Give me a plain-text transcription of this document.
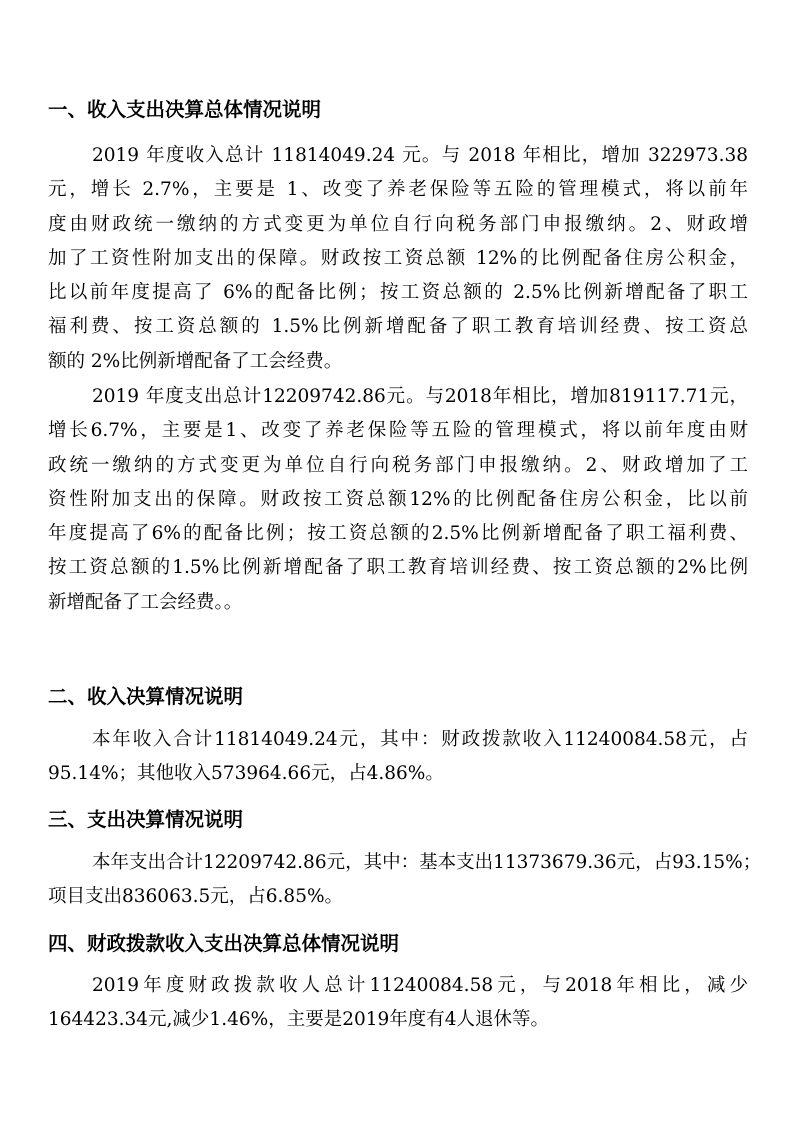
一、收入支出决算总体情况说明
2019 年度收入总计 11814049.24 元。与 2018 年相比，增加 322973.38
元，增长 2.7%，主要是 1、改变了养老保险等五险的管理模式，将以前年
度由财政统一缴纳的方式变更为单位自行向税务部门申报缴纳。2、财政增
加了工资性附加支出的保障。财政按工资总额 12%的比例配备住房公积金，
比以前年度提高了 6%的配备比例；按工资总额的 2.5%比例新增配备了职工
福利费、按工资总额的 1.5%比例新增配备了职工教育培训经费、按工资总
额的 2%比例新增配备了工会经费。
2019 年度支出总计12209742.86元。与2018年相比，增加819117.71元，
增长6.7%，主要是1、改变了养老保险等五险的管理模式，将以前年度由财
政统一缴纳的方式变更为单位自行向税务部门申报缴纳。2、财政增加了工
资性附加支出的保障。财政按工资总额12%的比例配备住房公积金，比以前
年度提高了6%的配备比例；按工资总额的2.5%比例新增配备了职工福利费、
按工资总额的1.5%比例新增配备了职工教育培训经费、按工资总额的2%比例
新增配备了工会经费。。
二、收入决算情况说明
本年收入合计11814049.24元，其中：财政拨款收入11240084.58元，占
95.14%；其他收入573964.66元，占4.86%。
三、支出决算情况说明
本年支出合计12209742.86元，其中：基本支出11373679.36元，占93.15%；
项目支出836063.5元，占6.85%。
四、财政拨款收入支出决算总体情况说明
2019年度财政拨款收人总计11240084.58元，与2018年相比，减少
164423.34元,减少1.46%，主要是2019年度有4人退休等。
